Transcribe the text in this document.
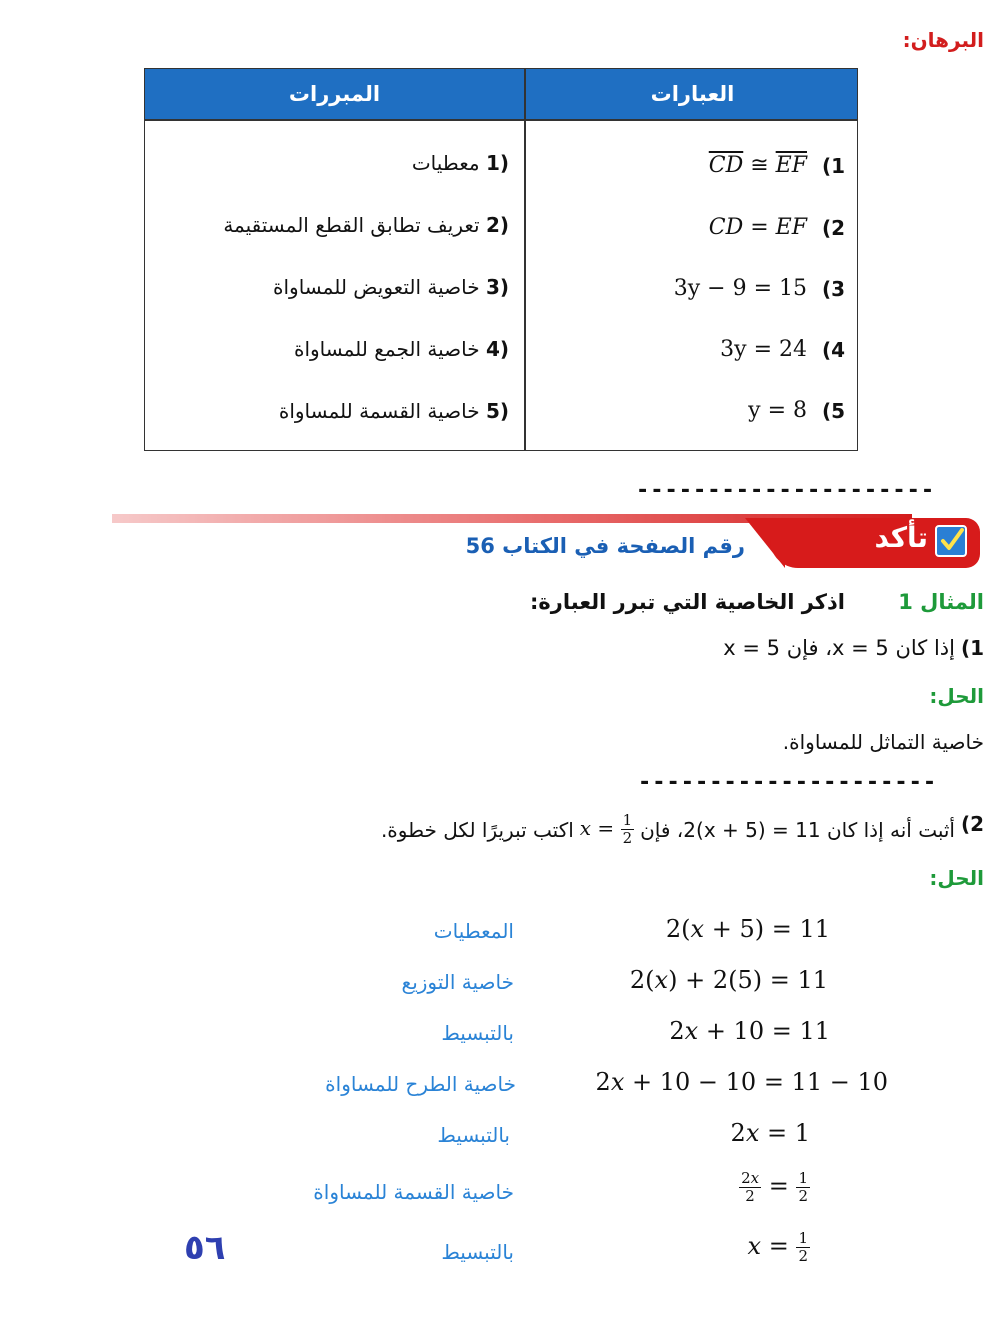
البرهان:
المبررات	العبارات
(1
$\overline{CD}$ ≅ $\overline{EF}$
(2
CD = EF
(3
3y − 9 = 15
(4
3y = 24
(5
y = 8
(1 معطيات
(2 تعريف تطابق القطع المستقيمة
(3 خاصية التعويض للمساواة
(4 خاصية الجمع للمساواة
(5 خاصية القسمة للمساواة
---------------------
تأكد
رقم الصفحة في الكتاب 56
المثال 1
اذكر الخاصية التي تبرر العبارة:
1)
إذا كان x = 5، فإن 5 = x
الحل:
خاصية التماثل للمساواة.
---------------------
2)
أثبت أنه إذا كان 11 = (x + 5)2، فإن
$x = \frac{1}{2}$
اكتب تبريرًا لكل خطوة.
الحل:
2(x + 5) = 11
المعطيات
2(x) + 2(5) = 11
خاصية التوزيع
2x + 10 = 11
بالتبسيط
2x + 10 − 10 = 11 − 10
خاصية الطرح للمساواة
2x = 1
بالتبسيط
$\frac{2x}{2} = \frac{1}{2}$
خاصية القسمة للمساواة
$x = \frac{1}{2}$
بالتبسيط
٥٦
